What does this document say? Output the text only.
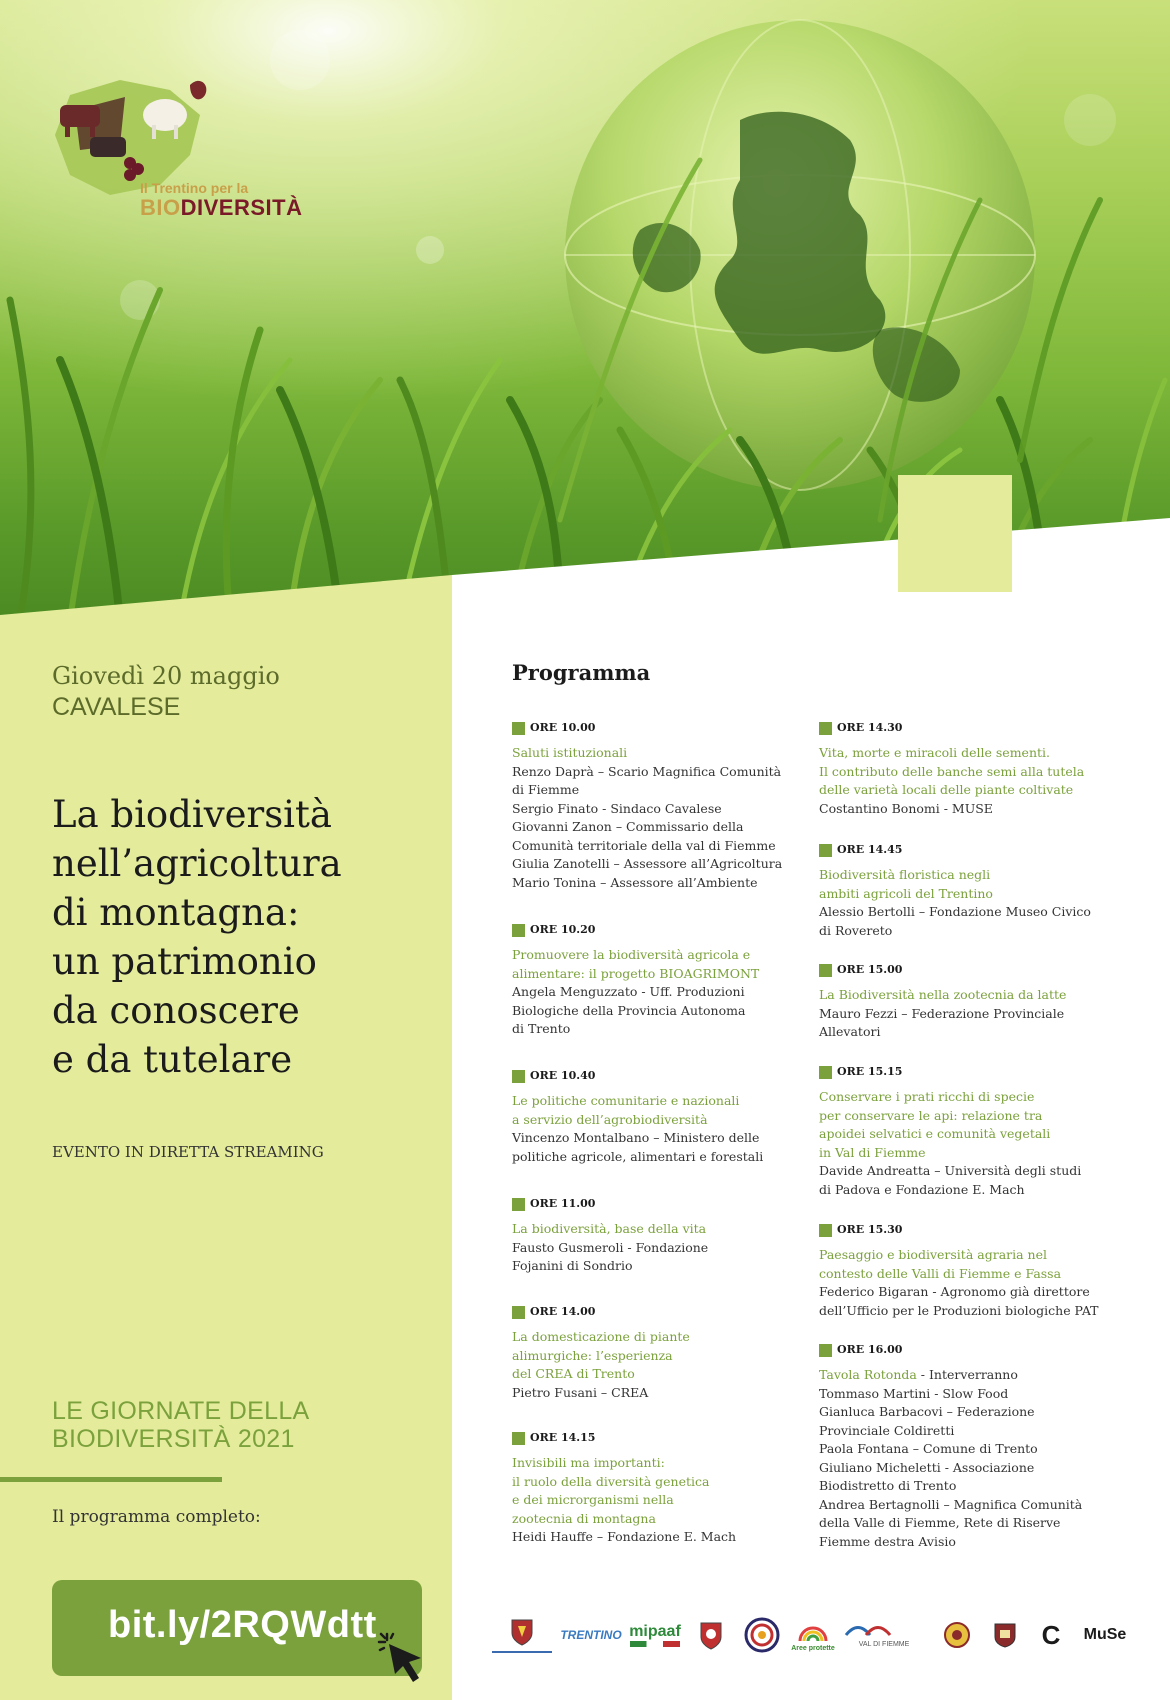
Il Trentino per la
BIODIVERSITÀ
Giovedì 20 maggio
CAVALESE
La biodiversità
nell’agricoltura
di montagna:
un patrimonio
da conoscere
e da tutelare
EVENTO IN DIRETTA STREAMING
LE GIORNATE DELLA
BIODIVERSITÀ 2021
Il programma completo:
bit.ly/2RQWdtt
Programma
ORE 10.00
Saluti istituzionali
Renzo Daprà – Scario Magnifica Comunità
di Fiemme
Sergio Finato - Sindaco Cavalese
Giovanni Zanon – Commissario della
Comunità territoriale della val di Fiemme
Giulia Zanotelli – Assessore all’Agricoltura
Mario Tonina – Assessore all’Ambiente
ORE 10.20
Promuovere la biodiversità agricola e
alimentare: il progetto BIOAGRIMONT
Angela Menguzzato - Uff. Produzioni
Biologiche della Provincia Autonoma
di Trento
ORE 10.40
Le politiche comunitarie e nazionali
a servizio dell’agrobiodiversità
Vincenzo Montalbano – Ministero delle
politiche agricole, alimentari e forestali
ORE 11.00
La biodiversità, base della vita
Fausto Gusmeroli - Fondazione
Fojanini di Sondrio
ORE 14.00
La domesticazione di piante
alimurgiche: l’esperienza
del CREA di Trento
Pietro Fusani – CREA
ORE 14.15
Invisibili ma importanti:
il ruolo della diversità genetica
e dei microrganismi nella
zootecnia di montagna
Heidi Hauffe – Fondazione E. Mach
ORE 14.30
Vita, morte e miracoli delle sementi.
Il contributo delle banche semi alla tutela
delle varietà locali delle piante coltivate
Costantino Bonomi - MUSE
ORE 14.45
Biodiversità floristica negli
ambiti agricoli del Trentino
Alessio Bertolli – Fondazione Museo Civico
di Rovereto
ORE 15.00
La Biodiversità nella zootecnia da latte
Mauro Fezzi – Federazione Provinciale
Allevatori
ORE 15.15
Conservare i prati ricchi di specie
per conservare le api: relazione tra
apoidei selvatici e comunità vegetali
in Val di Fiemme
Davide Andreatta – Università degli studi
di Padova e Fondazione E. Mach
ORE 15.30
Paesaggio e biodiversità agraria nel
contesto delle Valli di Fiemme e Fassa
Federico Bigaran - Agronomo già direttore
dell’Ufficio per le Produzioni biologiche PAT
ORE 16.00
Tavola Rotonda - Interverranno
Tommaso Martini - Slow Food
Gianluca Barbacovi – Federazione
Provinciale Coldiretti
Paola Fontana – Comune di Trento
Giuliano Micheletti - Associazione
Biodistretto di Trento
Andrea Bertagnolli – Magnifica Comunità
della Valle di Fiemme, Rete di Riserve
Fiemme destra Avisio
TRENTINO mipaaf
Aree protette
VAL DI FIEMME	C MuSe
